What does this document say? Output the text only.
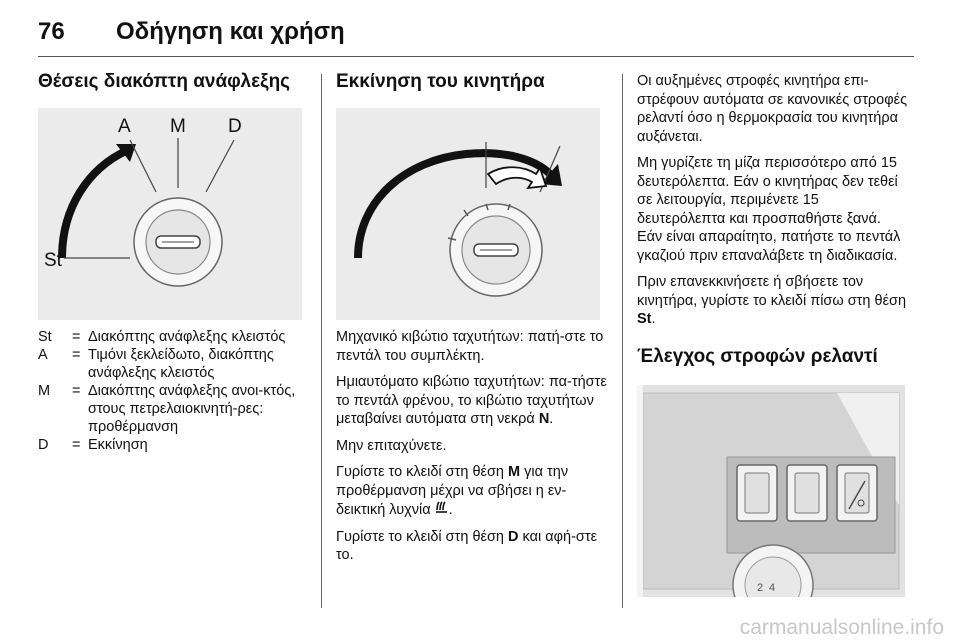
76 Οδήγηση και χρήση
Θέσεις διακόπτη ανάφλεξης
A M D
St
St	= Διακόπτης ανάφλεξης κλειστός
A	= Τιμόνι ξεκλείδωτο, διακόπτης ανάφλεξης κλειστός
M	= Διακόπτης ανάφλεξης ανοι-κτός, στους πετρελαιοκινητή-ρες: προθέρμανση
D	= Εκκίνηση
Εκκίνηση του κινητήρα

Μηχανικό κιβώτιο ταχυτήτων: πατή-στε το πεντάλ του συμπλέκτη.

Ημιαυτόματο κιβώτιο ταχυτήτων: πα-τήστε το πεντάλ φρένου, το κιβώτιο ταχυτήτων μεταβαίνει αυτόματα στη νεκρά N.

Μην επιταχύνετε.

Γυρίστε το κλειδί στη θέση M για την προθέρμανση μέχρι να σβήσει η εν-δεικτική λυχνία .

Γυρίστε το κλειδί στη θέση D και αφή-στε το.

Οι αυξημένες στροφές κινητήρα επι-στρέφουν αυτόματα σε κανονικές στροφές ρελαντί όσο η θερμοκρασία του κινητήρα αυξάνεται.

Μη γυρίζετε τη μίζα περισσότερο από 15 δευτερόλεπτα. Εάν ο κινητήρας δεν τεθεί σε λειτουργία, περιμένετε 15 δευτερόλεπτα και προσπαθήστε ξανά. Εάν είναι απαραίτητο, πατήστε το πεντάλ γκαζιού πριν επαναλάβετε τη διαδικασία.

Πριν επανεκκινήσετε ή σβήσετε τον κινητήρα, γυρίστε το κλειδί πίσω στη θέση St.

Έλεγχος στροφών ρελαντί
2 4
carmanualsonline.info
